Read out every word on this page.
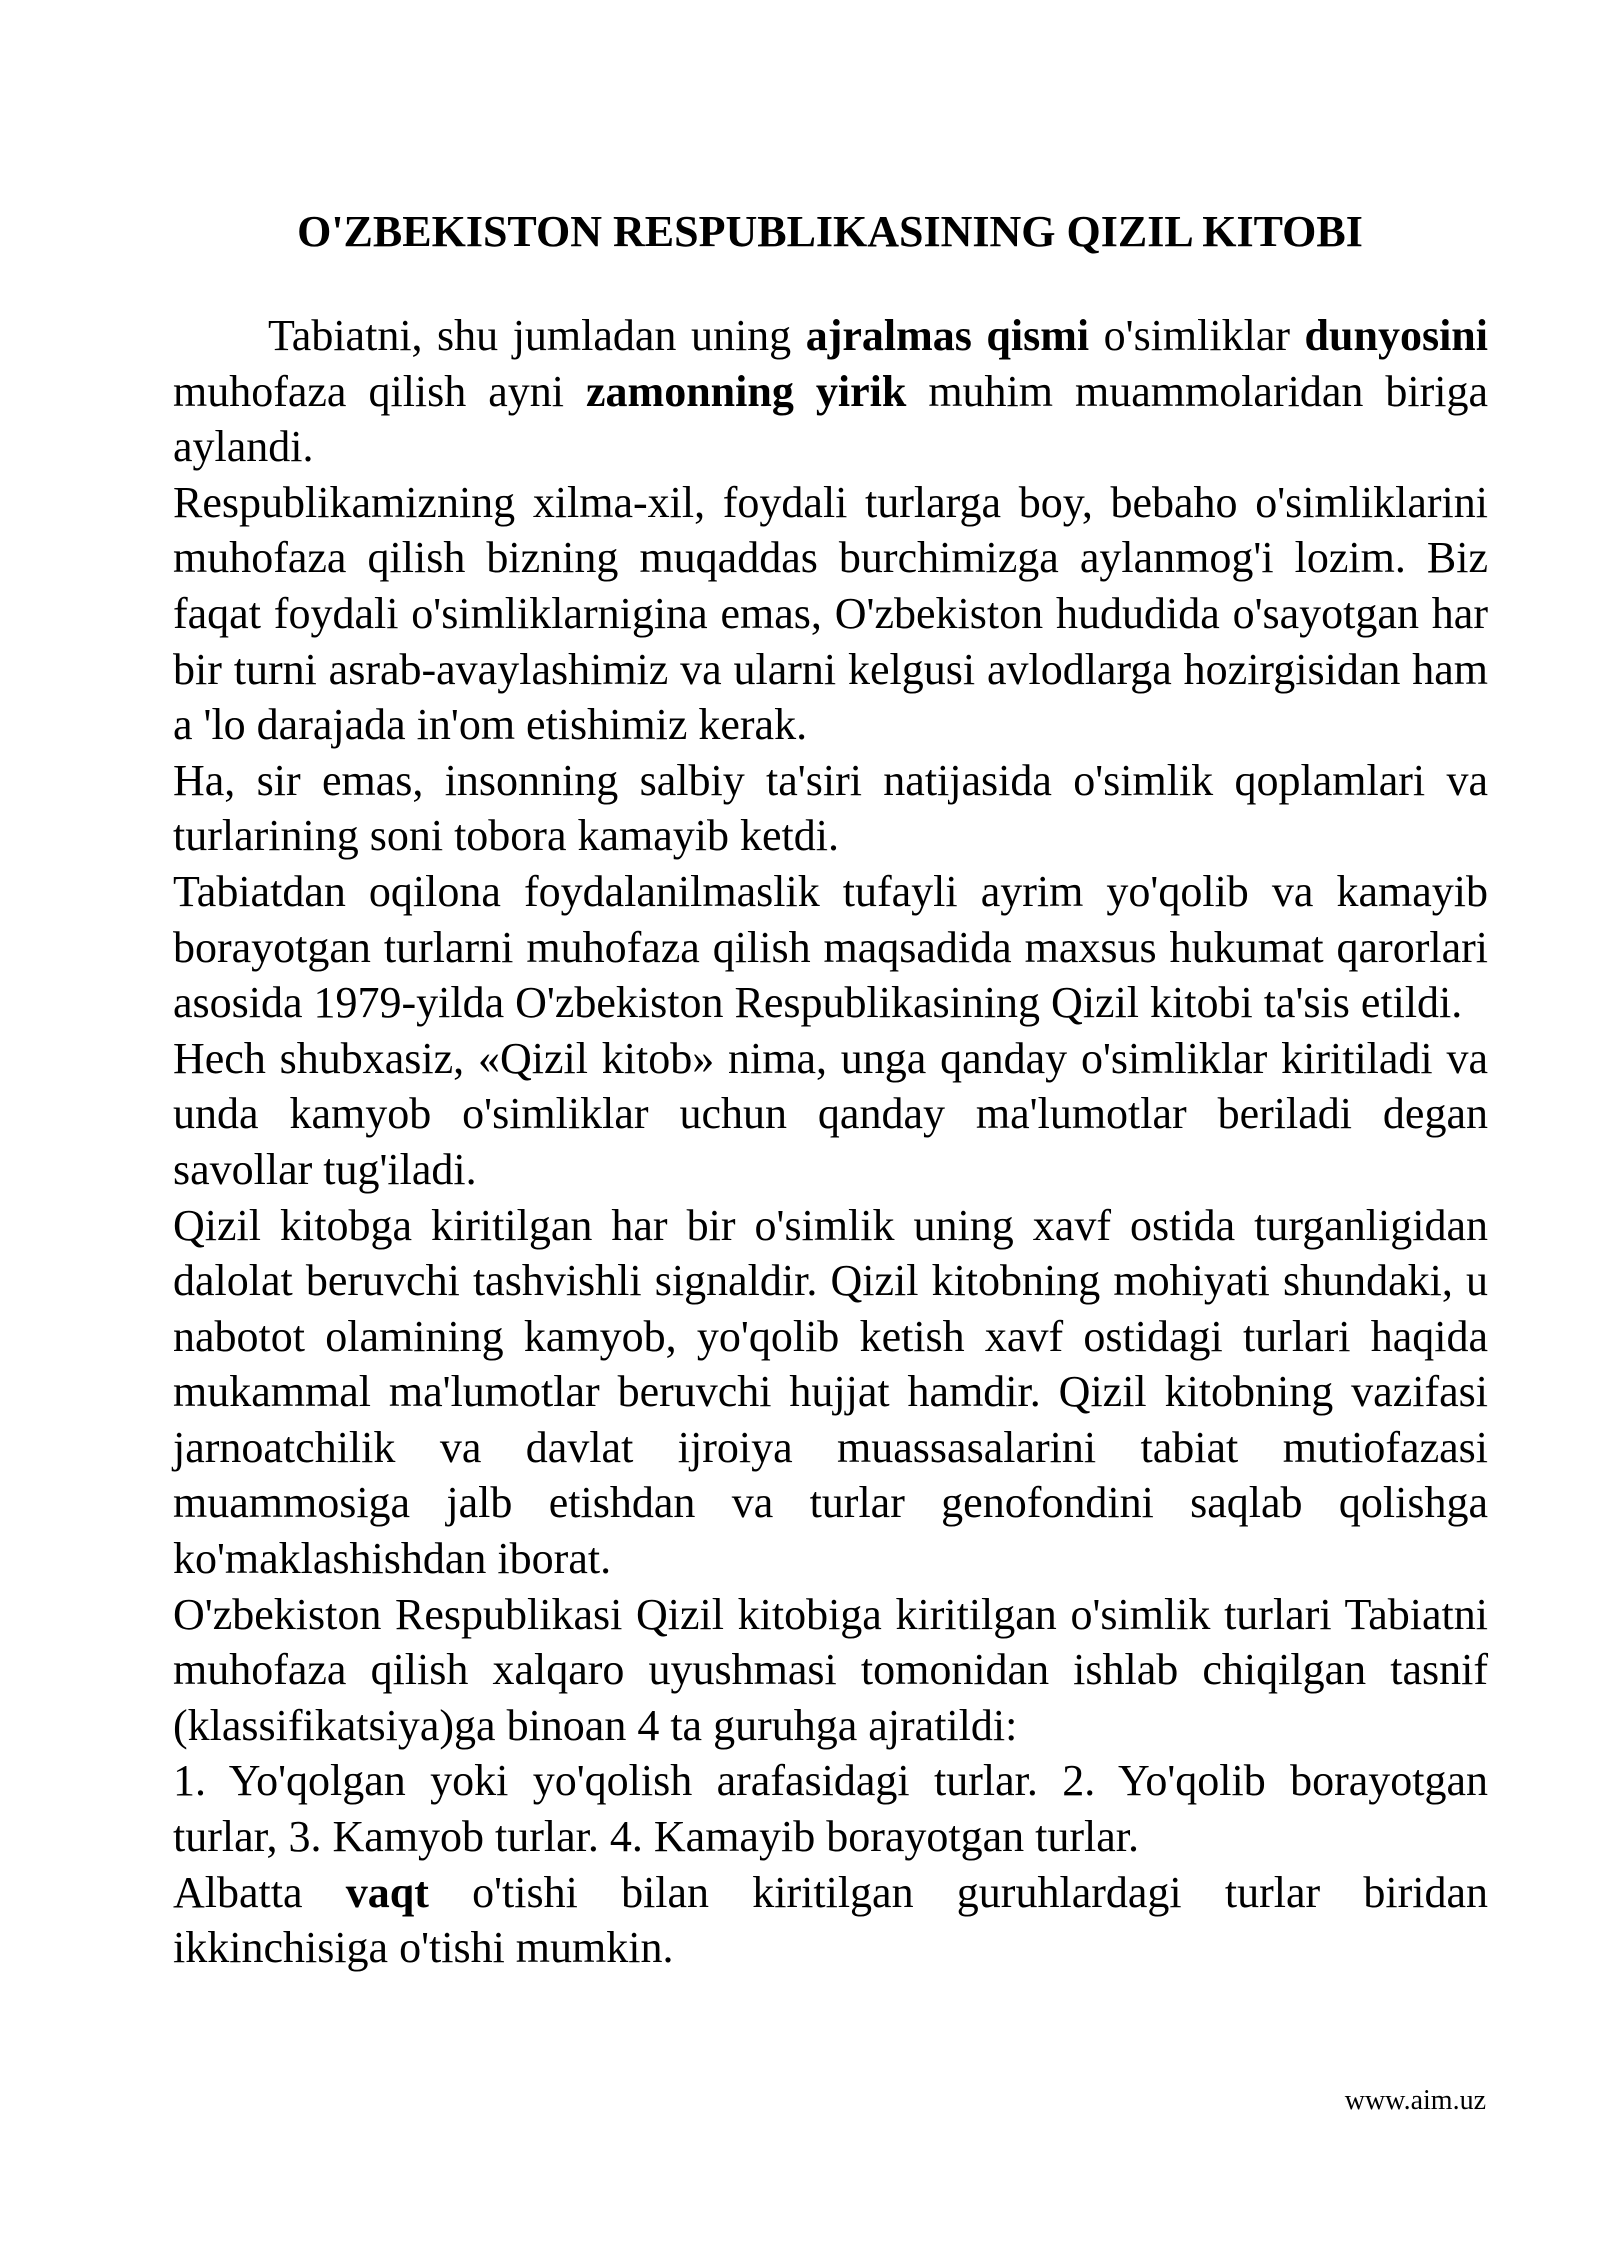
O'ZBEKISTON RESPUBLIKASINING QIZIL KITOBI

Tabiatni, shu jumladan uning ajralmas qismi o'simliklar dunyosini muhofaza qilish ayni zamonning yirik muhim muammolaridan biriga aylandi.

Respublikamizning xilma-xil, foydali turlarga boy, bebaho o'simliklarini muhofaza qilish bizning muqaddas burchimizga aylanmog'i lozim. Biz faqat foydali o'simliklarnigina emas, O'zbekiston hududida o'sayotgan har bir turni asrab-avaylashimiz va ularni kelgusi avlodlarga hozirgisidan ham a 'lo darajada in'om etishimiz kerak.

Ha, sir emas, insonning salbiy ta'siri natijasida o'simlik qoplamlari va turlarining soni tobora kamayib ketdi.

Tabiatdan oqilona foydalanilmaslik tufayli ayrim yo'qolib va kamayib borayotgan turlarni muhofaza qilish maqsadida maxsus hukumat qarorlari asosida 1979-yilda O'zbekiston Respublikasining Qizil kitobi ta'sis etildi.

Hech shubxasiz, «Qizil kitob» nima, unga qanday o'simliklar kiritiladi va unda kamyob o'simliklar uchun qanday ma'lumotlar beriladi degan savollar tug'iladi.

Qizil kitobga kiritilgan har bir o'simlik uning xavf ostida turganligidan dalolat beruvchi tashvishli signaldir. Qizil kitobning mohiyati shundaki, u nabotot olamining kamyob, yo'qolib ketish xavf ostidagi turlari haqida mukammal ma'lumotlar beruvchi hujjat hamdir. Qizil kitobning vazifasi jarnoatchilik va davlat ijroiya muassasalarini tabiat mutiofazasi muammosiga jalb etishdan va turlar genofondini saqlab qolishga ko'maklashishdan iborat.

O'zbekiston Respublikasi Qizil kitobiga kiritilgan o'simlik turlari Tabiatni muhofaza qilish xalqaro uyushmasi tomonidan ishlab chiqilgan tasnif (klassifikatsiya)ga binoan 4 ta guruhga ajratildi:

1. Yo'qolgan yoki yo'qolish arafasidagi turlar. 2. Yo'qolib borayotgan turlar, 3. Kamyob turlar. 4. Kamayib borayotgan turlar.

Albatta vaqt o'tishi bilan kiritilgan guruhlardagi turlar biridan ikkinchisiga o'tishi mumkin.

www.aim.uz
